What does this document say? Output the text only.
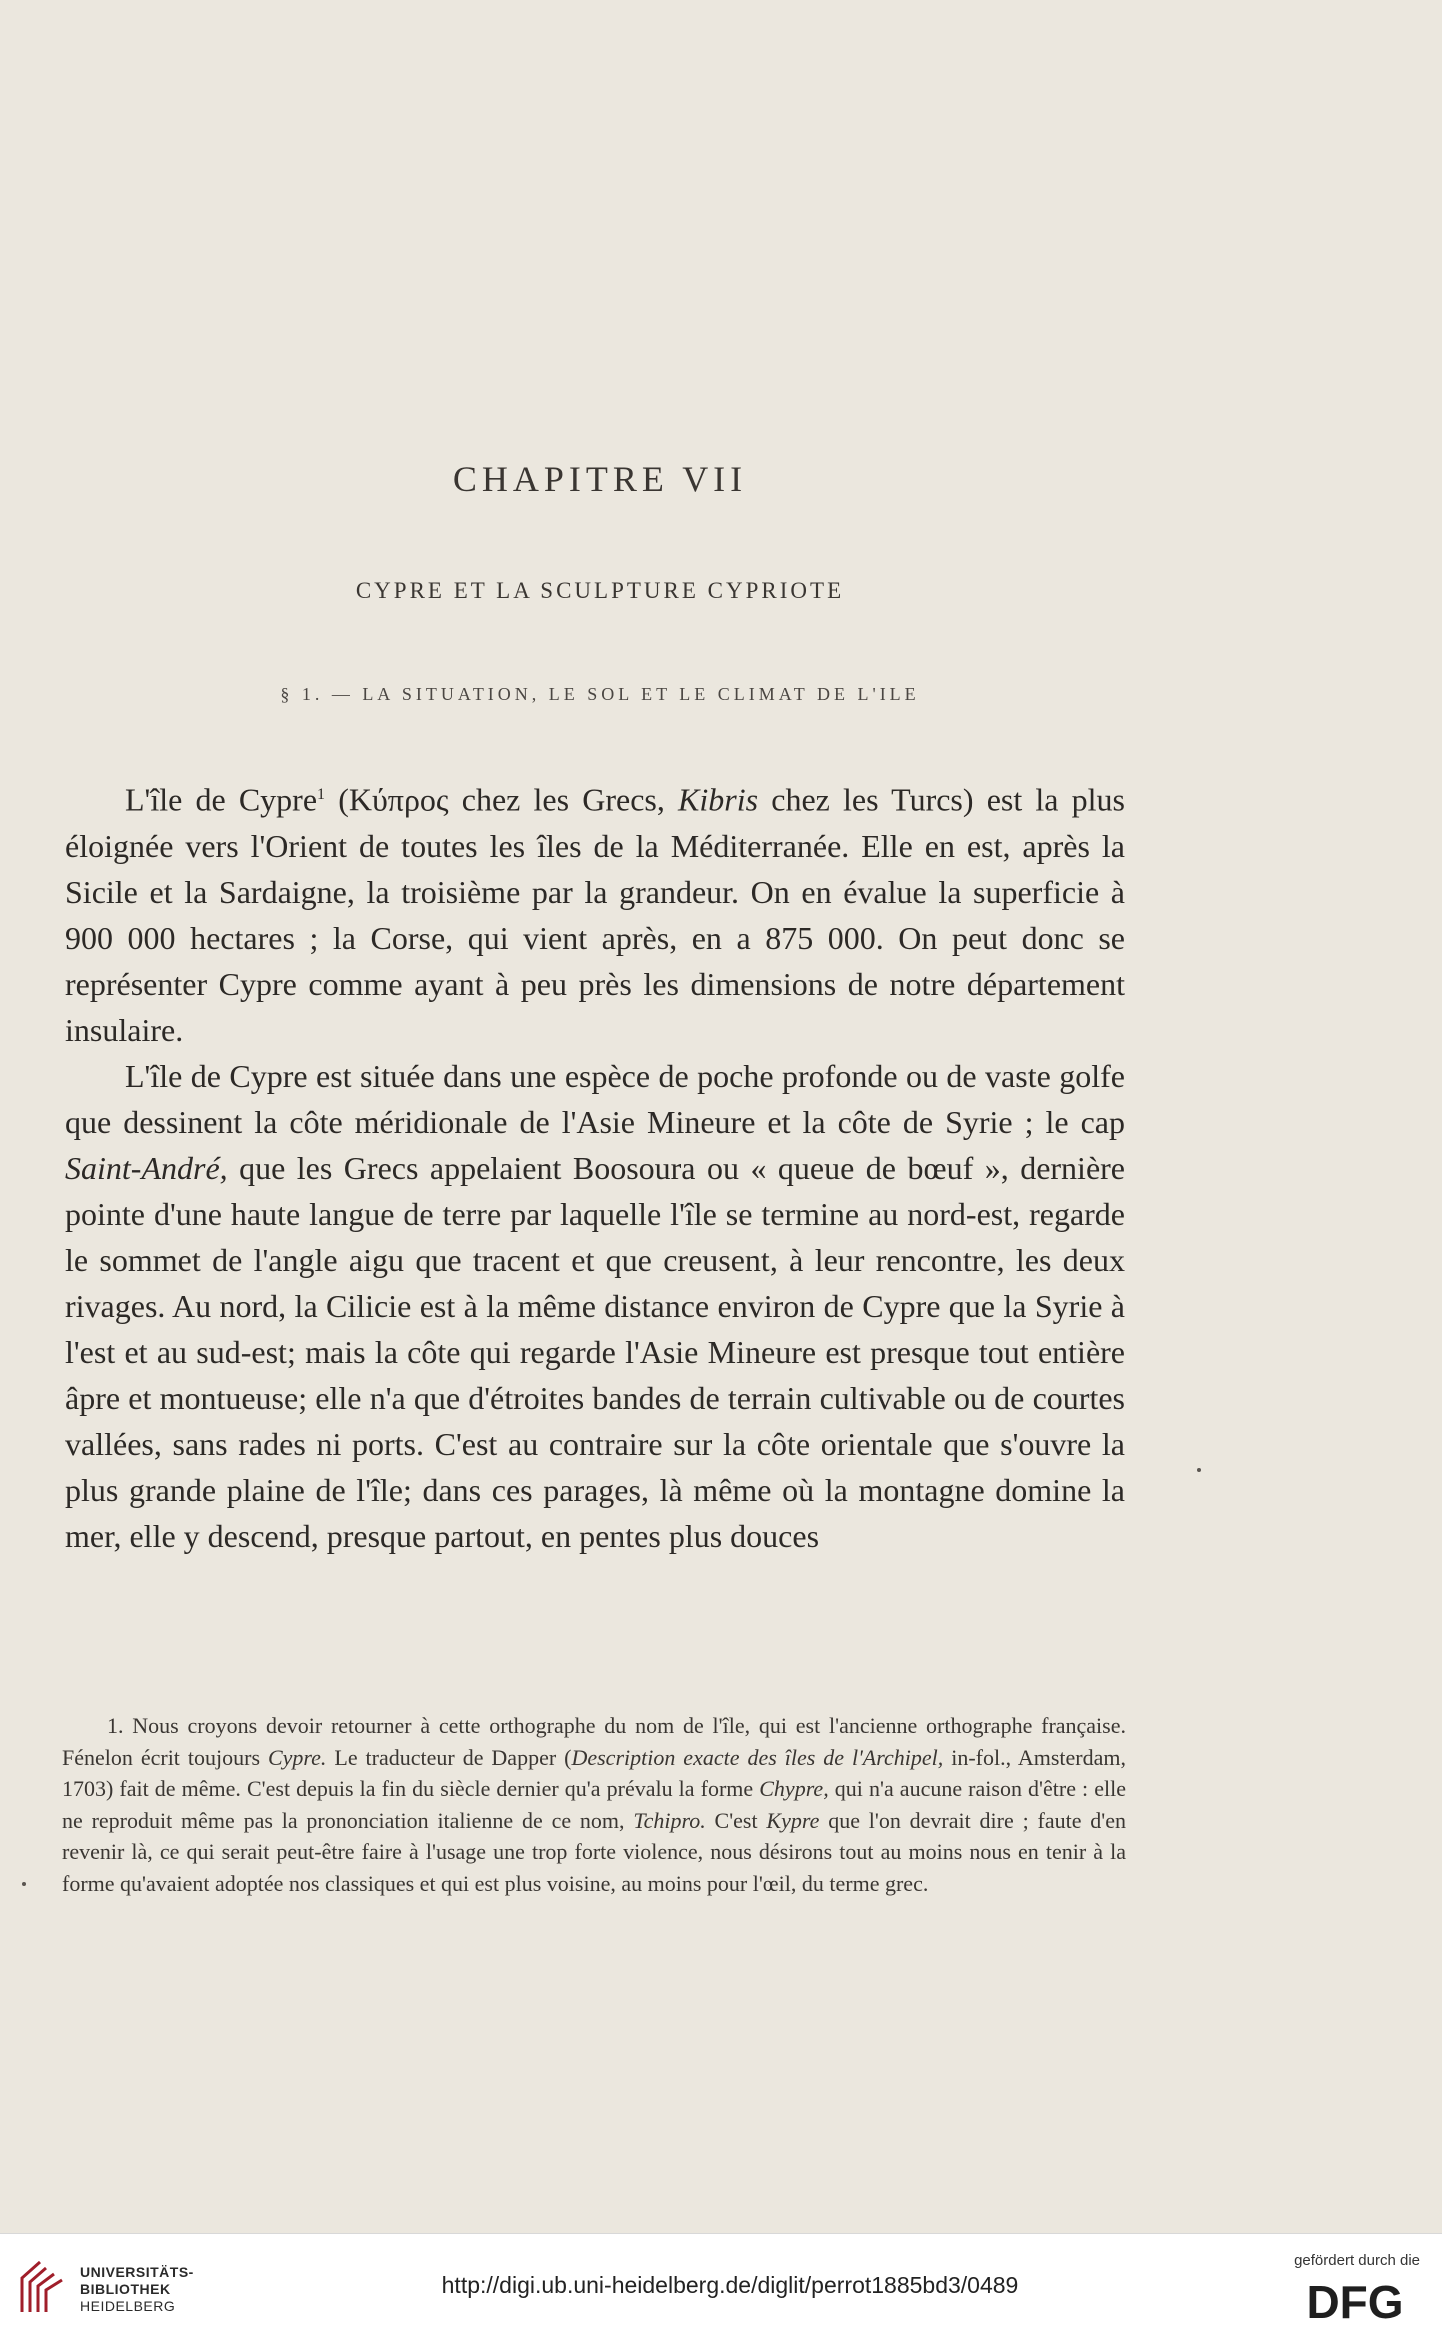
CHAPITRE VII
CYPRE ET LA SCULPTURE CYPRIOTE
§ 1. — LA SITUATION, LE SOL ET LE CLIMAT DE L'ILE

L'île de Cypre$^1$ (Κύπρος chez les Grecs, Kibris chez les Turcs) est la plus éloignée vers l'Orient de toutes les îles de la Méditerranée. Elle en est, après la Sicile et la Sardaigne, la troisième par la grandeur. On en évalue la superficie à 900 000 hectares ; la Corse, qui vient après, en a 875 000. On peut donc se représenter Cypre comme ayant à peu près les dimensions de notre département insulaire.

L'île de Cypre est située dans une espèce de poche profonde ou de vaste golfe que dessinent la côte méridionale de l'Asie Mineure et la côte de Syrie ; le cap Saint-André, que les Grecs appelaient Boosoura ou « queue de bœuf », dernière pointe d'une haute langue de terre par laquelle l'île se termine au nord-est, regarde le sommet de l'angle aigu que tracent et que creusent, à leur rencontre, les deux rivages. Au nord, la Cilicie est à la même distance environ de Cypre que la Syrie à l'est et au sud-est; mais la côte qui regarde l'Asie Mineure est presque tout entière âpre et montueuse; elle n'a que d'étroites bandes de terrain cultivable ou de courtes vallées, sans rades ni ports. C'est au contraire sur la côte orientale que s'ouvre la plus grande plaine de l'île; dans ces parages, là même où la montagne domine la mer, elle y descend, presque partout, en pentes plus douces

1. Nous croyons devoir retourner à cette orthographe du nom de l'île, qui est l'ancienne orthographe française. Fénelon écrit toujours Cypre. Le traducteur de Dapper (Description exacte des îles de l'Archipel, in-fol., Amsterdam, 1703) fait de même. C'est depuis la fin du siècle dernier qu'a prévalu la forme Chypre, qui n'a aucune raison d'être : elle ne reproduit même pas la prononciation italienne de ce nom, Tchipro. C'est Kypre que l'on devrait dire ; faute d'en revenir là, ce qui serait peut-être faire à l'usage une trop forte violence, nous désirons tout au moins nous en tenir à la forme qu'avaient adoptée nos classiques et qui est plus voisine, au moins pour l'œil, du terme grec.

UNIVERSITÄTS-
BIBLIOTHEK
HEIDELBERG
http://digi.ub.uni-heidelberg.de/diglit/perrot1885bd3/0489
gefördert durch die
DFG
